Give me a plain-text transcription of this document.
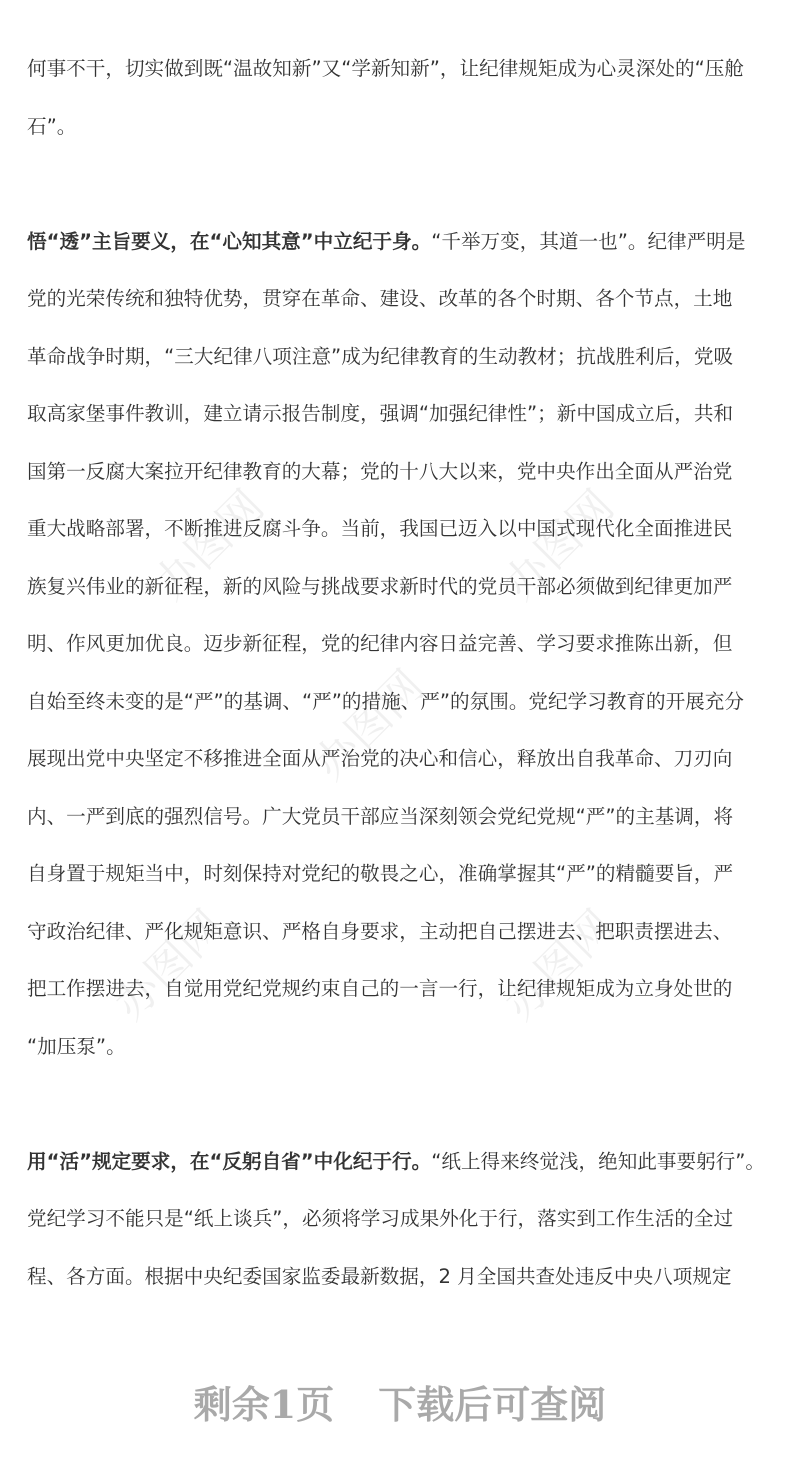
办图网	办图网
办图网
办图网	办图网
何事不干，切实做到既“温故知新”又“学新知新”，让纪律规矩成为心灵深处的“压舱
石”。
悟“透”主旨要义，在“心知其意”中立纪于身。“千举万变，其道一也”。纪律严明是
党的光荣传统和独特优势，贯穿在革命、建设、改革的各个时期、各个节点，土地
革命战争时期，“三大纪律八项注意”成为纪律教育的生动教材；抗战胜利后，党吸
取高家堡事件教训，建立请示报告制度，强调“加强纪律性”；新中国成立后，共和
国第一反腐大案拉开纪律教育的大幕；党的十八大以来，党中央作出全面从严治党
重大战略部署，不断推进反腐斗争。当前，我国已迈入以中国式现代化全面推进民
族复兴伟业的新征程，新的风险与挑战要求新时代的党员干部必须做到纪律更加严
明、作风更加优良。迈步新征程，党的纪律内容日益完善、学习要求推陈出新，但
自始至终未变的是“严”的基调、“严”的措施、严”的氛围。党纪学习教育的开展充分
展现出党中央坚定不移推进全面从严治党的决心和信心，释放出自我革命、刀刃向
内、一严到底的强烈信号。广大党员干部应当深刻领会党纪党规“严”的主基调，将
自身置于规矩当中，时刻保持对党纪的敬畏之心，准确掌握其“严”的精髓要旨，严
守政治纪律、严化规矩意识、严格自身要求，主动把自己摆进去、把职责摆进去、
把工作摆进去，自觉用党纪党规约束自己的一言一行，让纪律规矩成为立身处世的
“加压泵”。
用“活”规定要求，在“反躬自省”中化纪于行。“纸上得来终觉浅，绝知此事要躬行”。
党纪学习不能只是“纸上谈兵”，必须将学习成果外化于行，落实到工作生活的全过
程、各方面。根据中央纪委国家监委最新数据，2 月全国共查处违反中央八项规定
剩余1页 下载后可查阅
